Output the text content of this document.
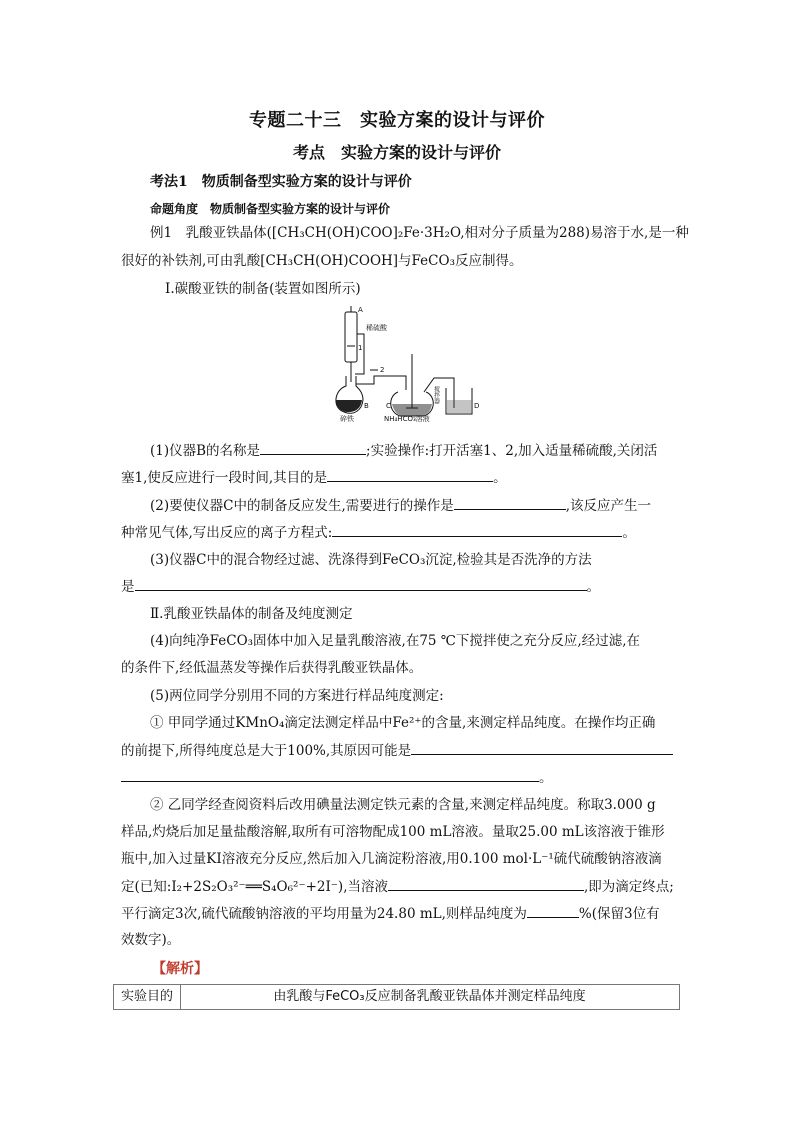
专题二十三　实验方案的设计与评价
考点　实验方案的设计与评价
考法1　物质制备型实验方案的设计与评价
命题角度　物质制备型实验方案的设计与评价
例1　乳酸亚铁晶体([CH₃CH(OH)COO]₂Fe·3H₂O,相对分子质量为288)易溶于水,是一种
很好的补铁剂,可由乳酸[CH₃CH(OH)COOH]与FeCO₃反应制得。
Ⅰ.碳酸亚铁的制备(装置如图所示)
A
稀硫酸
1
2
B
碎铁
C
NH₄HCO₃溶液
D
搅拌器
(1)仪器B的名称是	;实验操作:打开活塞1、2,加入适量稀硫酸,关闭活
塞1,使反应进行一段时间,其目的是	。
(2)要使仪器C中的制备反应发生,需要进行的操作是	,该反应产生一
种常见气体,写出反应的离子方程式:	。
(3)仪器C中的混合物经过滤、洗涤得到FeCO₃沉淀,检验其是否洗净的方法
是	。
Ⅱ.乳酸亚铁晶体的制备及纯度测定
(4)向纯净FeCO₃固体中加入足量乳酸溶液,在75 ℃下搅拌使之充分反应,经过滤,在
的条件下,经低温蒸发等操作后获得乳酸亚铁晶体。
(5)两位同学分别用不同的方案进行样品纯度测定:
① 甲同学通过KMnO₄滴定法测定样品中Fe²⁺的含量,来测定样品纯度。在操作均正确
的前提下,所得纯度总是大于100%,其原因可能是
。
② 乙同学经查阅资料后改用碘量法测定铁元素的含量,来测定样品纯度。称取3.000 g
样品,灼烧后加足量盐酸溶解,取所有可溶物配成100 mL溶液。量取25.00 mL该溶液于锥形
瓶中,加入过量KI溶液充分反应,然后加入几滴淀粉溶液,用0.100 mol·L⁻¹硫代硫酸钠溶液滴
定(已知:I₂+2S₂O₃²⁻══S₄O₆²⁻+2I⁻),当溶液	,即为滴定终点;
平行滴定3次,硫代硫酸钠溶液的平均用量为24.80 mL,则样品纯度为	%(保留3位有
效数字)。
【解析】
实验目的	由乳酸与FeCO₃反应制备乳酸亚铁晶体并测定样品纯度
